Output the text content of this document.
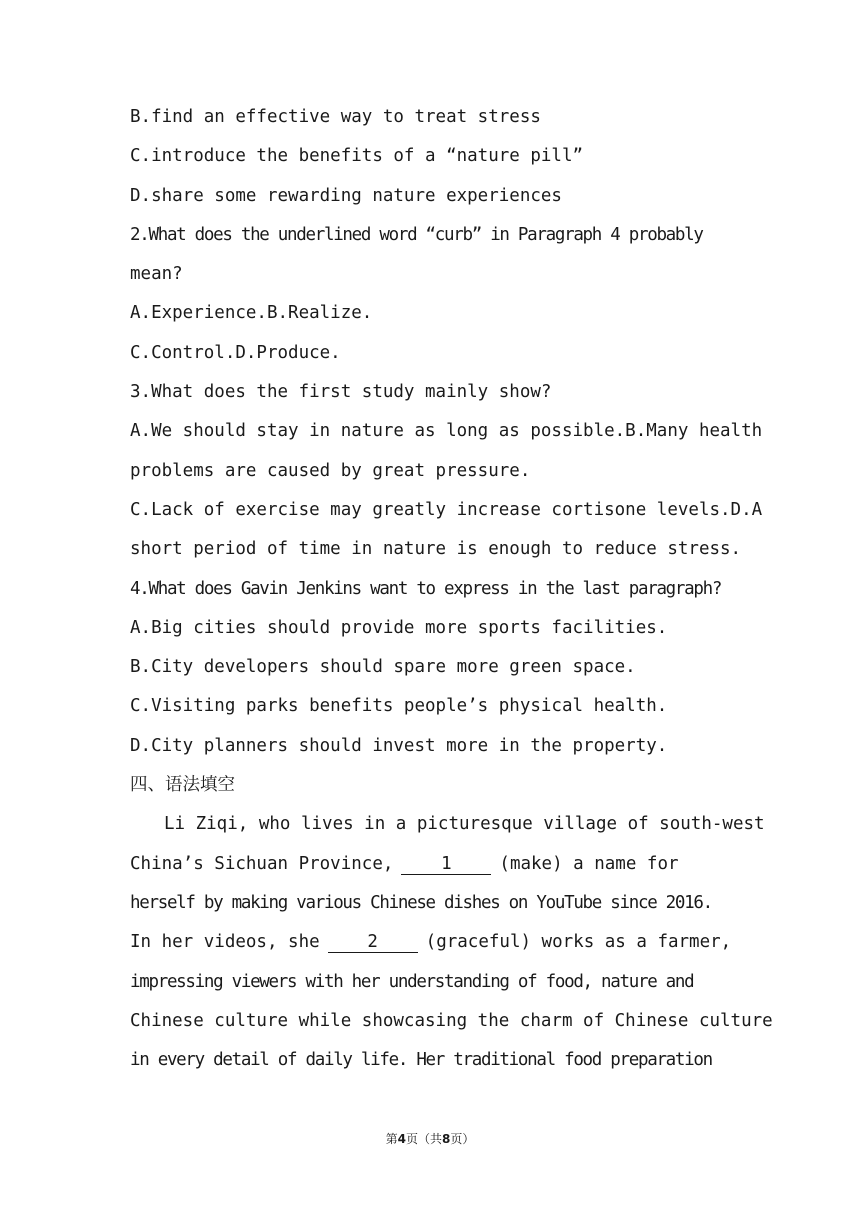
B.find an effective way to treat stress
C.introduce the benefits of a “nature pill”
D.share some rewarding nature experiences
2.What does the underlined word “curb” in Paragraph 4 probably
mean?
A.Experience.B.Realize.
C.Control.D.Produce.
3.What does the first study mainly show?
A.We should stay in nature as long as possible.B.Many health
problems are caused by great pressure.
C.Lack of exercise may greatly increase cortisone levels.D.A
short period of time in nature is enough to reduce stress.
4.What does Gavin Jenkins want to express in the last paragraph?
A.Big cities should provide more sports facilities.
B.City developers should spare more green space.
C.Visiting parks benefits people’s physical health.
D.City planners should invest more in the property.
四、语法填空
Li Ziqi, who lives in a picturesque village of south-west
China’s Sichuan Province,	1	(make) a name for
herself by making various Chinese dishes on YouTube since 2016.
In her videos, she	2	(graceful) works as a farmer,
impressing viewers with her understanding of food, nature and
Chinese culture while showcasing the charm of Chinese culture
in every detail of daily life. Her traditional food preparation
第4页（共8页）
